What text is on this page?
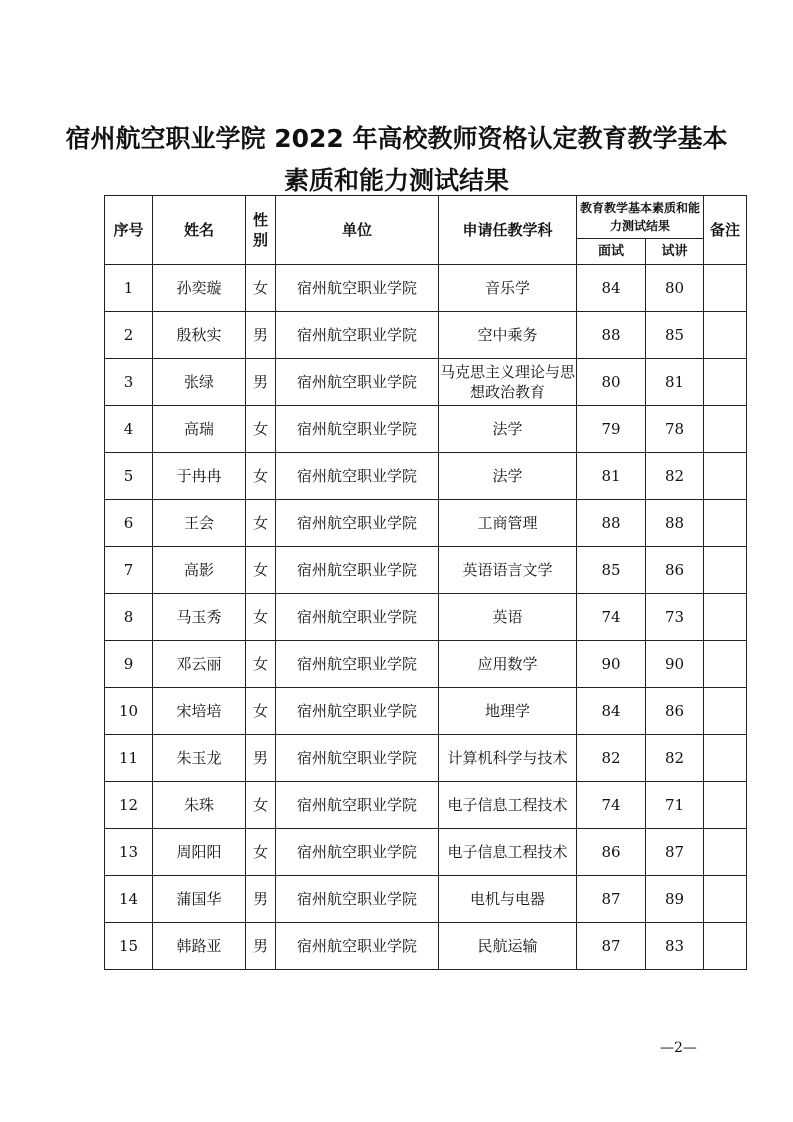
宿州航空职业学院 2022 年高校教师资格认定教育教学基本
素质和能力测试结果
序号	姓名	性别	单位	申请任教学科	教育教学基本素质和能力测试结果		备注
					面试	试讲	
1	孙奕璇	女	宿州航空职业学院	音乐学	84	80	
2	殷秋实	男	宿州航空职业学院	空中乘务	88	85	
3	张绿	男	宿州航空职业学院	马克思主义理论与思想政治教育	80	81	
4	高瑞	女	宿州航空职业学院	法学	79	78	
5	于冉冉	女	宿州航空职业学院	法学	81	82	
6	王会	女	宿州航空职业学院	工商管理	88	88	
7	高影	女	宿州航空职业学院	英语语言文学	85	86	
8	马玉秀	女	宿州航空职业学院	英语	74	73	
9	邓云丽	女	宿州航空职业学院	应用数学	90	90	
10	宋培培	女	宿州航空职业学院	地理学	84	86	
11	朱玉龙	男	宿州航空职业学院	计算机科学与技术	82	82	
12	朱珠	女	宿州航空职业学院	电子信息工程技术	74	71	
13	周阳阳	女	宿州航空职业学院	电子信息工程技术	86	87	
14	蒲国华	男	宿州航空职业学院	电机与电器	87	89	
15	韩路亚	男	宿州航空职业学院	民航运输	87	83	
—2—
